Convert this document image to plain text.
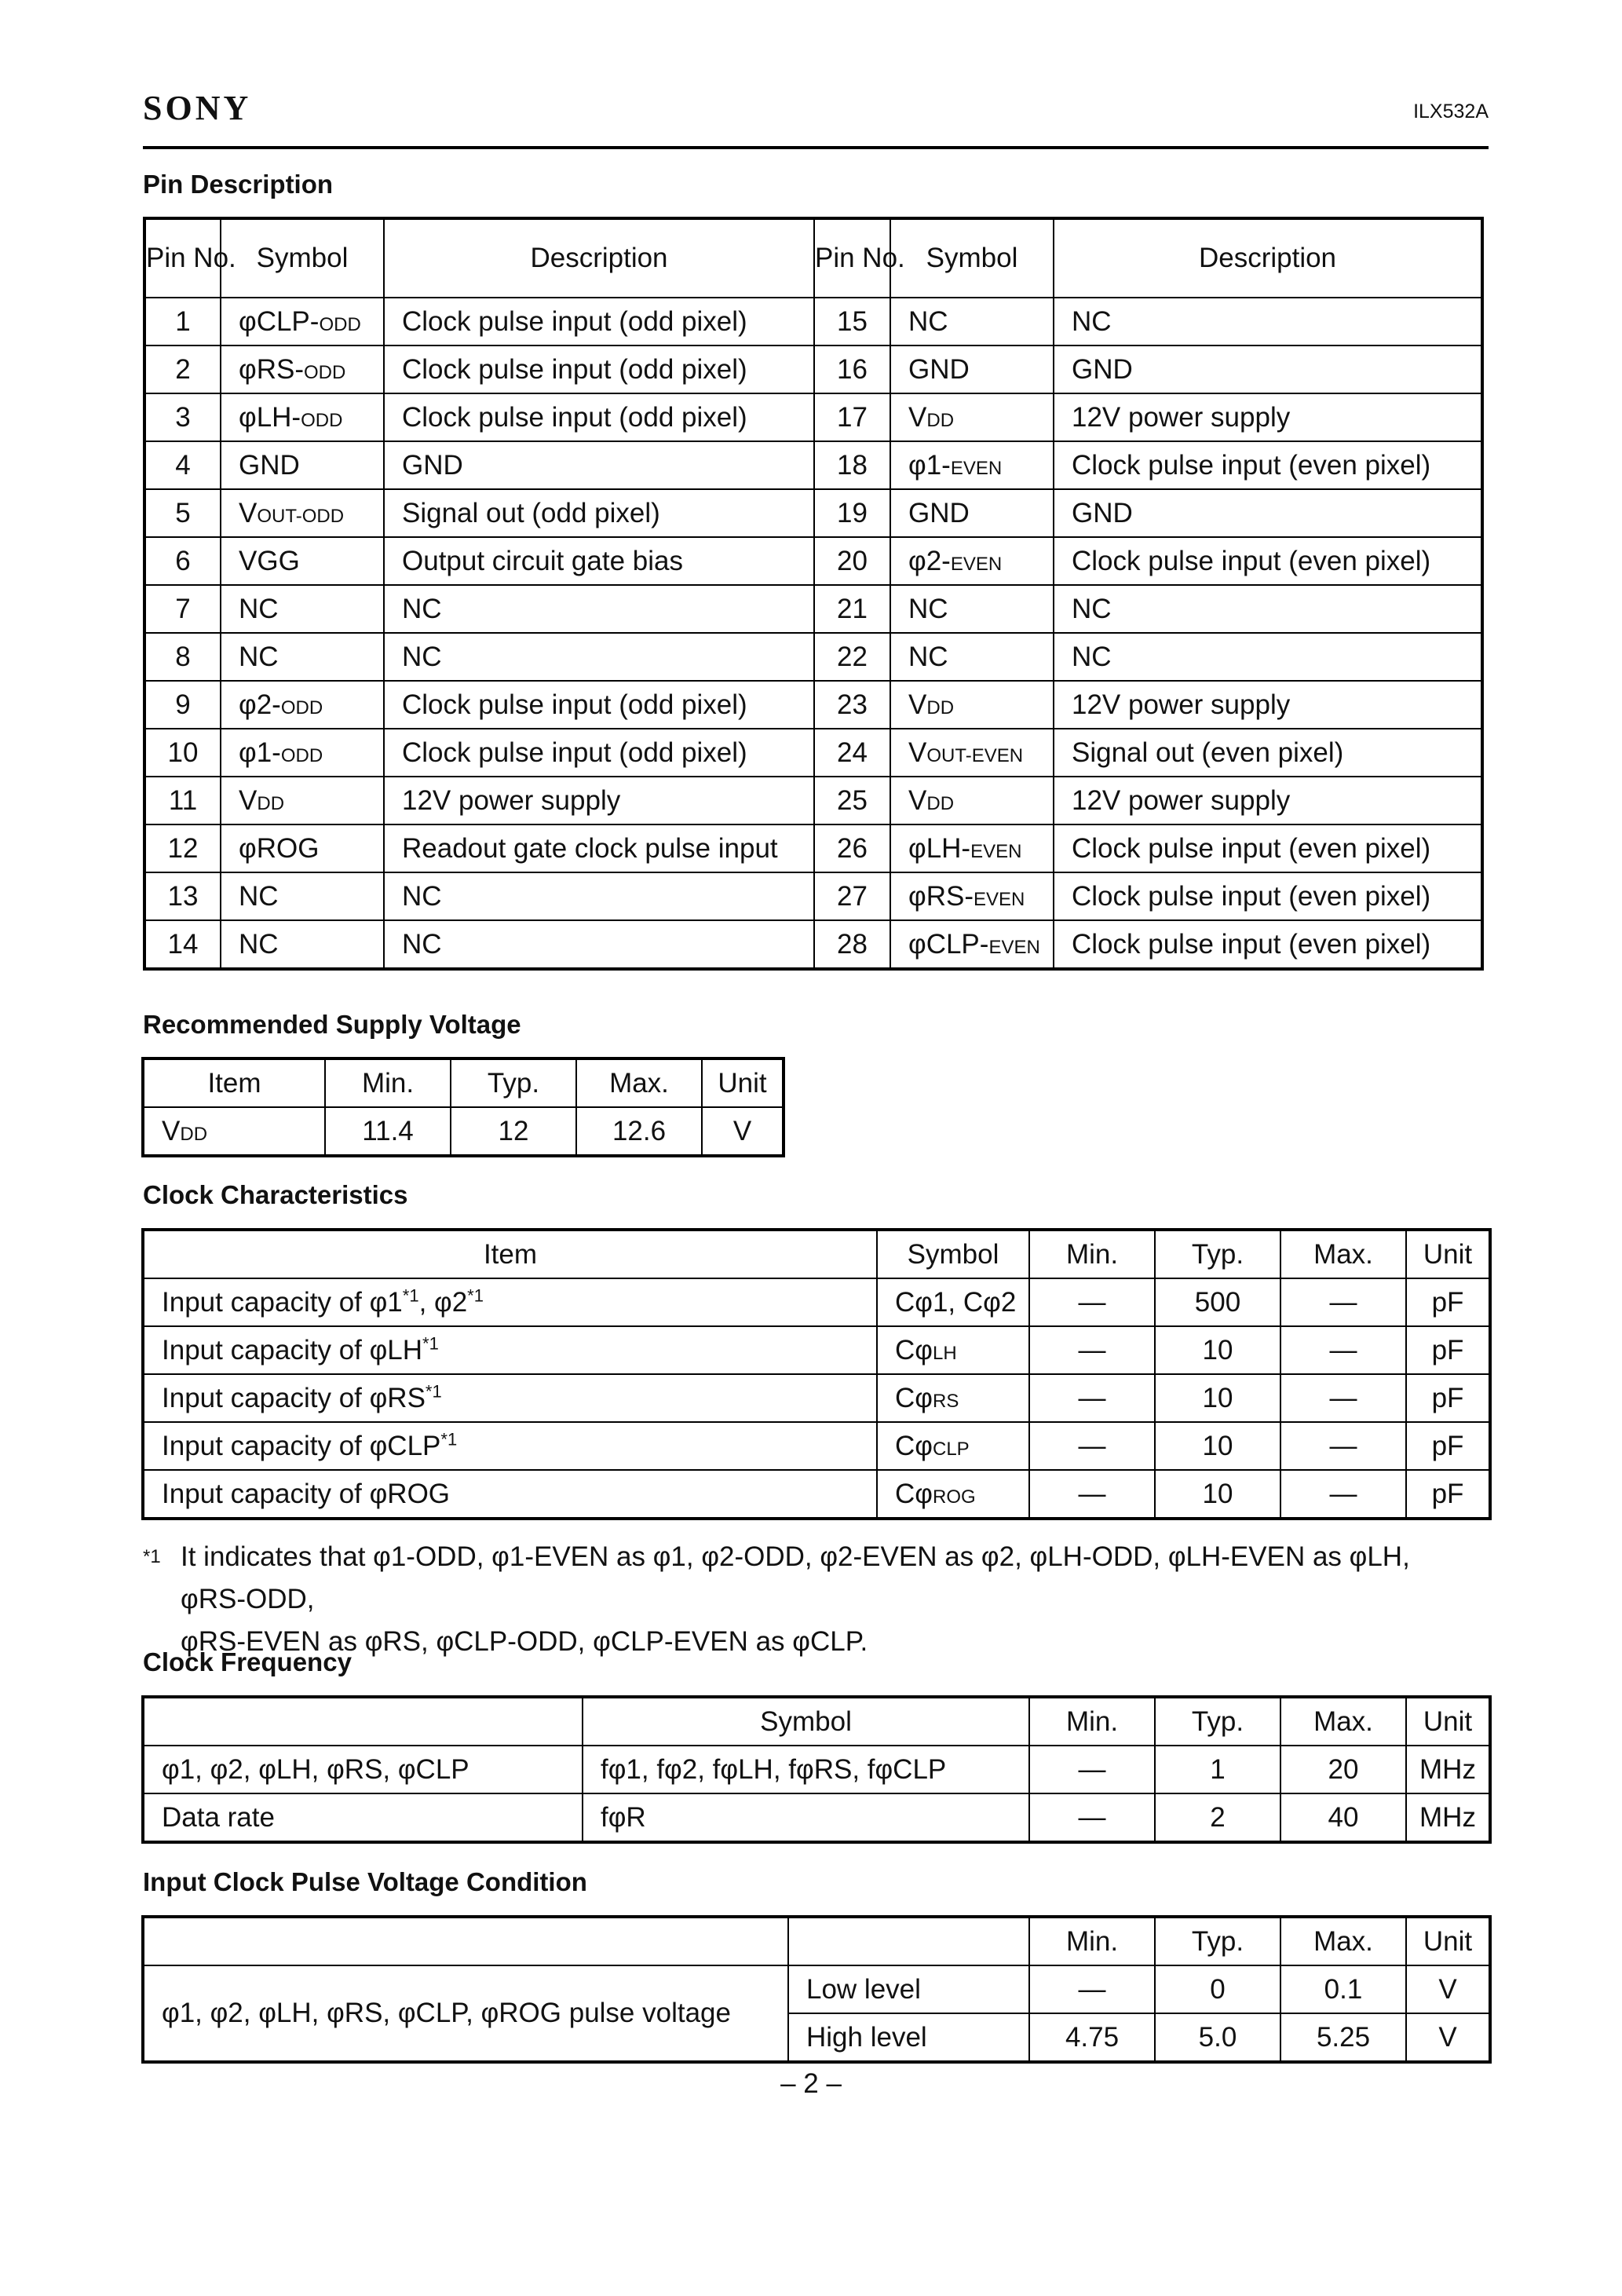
SONY	ILX532A
Pin Description
Pin No.	Symbol	Description	Pin No.	Symbol	Description
1	φCLP-ODD	Clock pulse input (odd pixel)	15	NC	NC
2	φRS-ODD	Clock pulse input (odd pixel)	16	GND	GND
3	φLH-ODD	Clock pulse input (odd pixel)	17	VDD	12V power supply
4	GND	GND	18	φ1-EVEN	Clock pulse input (even pixel)
5	VOUT-ODD	Signal out (odd pixel)	19	GND	GND
6	VGG	Output circuit gate bias	20	φ2-EVEN	Clock pulse input (even pixel)
7	NC	NC	21	NC	NC
8	NC	NC	22	NC	NC
9	φ2-ODD	Clock pulse input (odd pixel)	23	VDD	12V power supply
10	φ1-ODD	Clock pulse input (odd pixel)	24	VOUT-EVEN	Signal out (even pixel)
11	VDD	12V power supply	25	VDD	12V power supply
12	φROG	Readout gate clock pulse input	26	φLH-EVEN	Clock pulse input (even pixel)
13	NC	NC	27	φRS-EVEN	Clock pulse input (even pixel)
14	NC	NC	28	φCLP-EVEN	Clock pulse input (even pixel)
Recommended Supply Voltage
Item	Min.	Typ.	Max.	Unit
VDD	11.4	12	12.6	V
Clock Characteristics
Item	Symbol	Min.	Typ.	Max.	Unit
Input capacity of φ1$^{*1}$, φ2$^{*1}$	Cφ1, Cφ2	—	500	—	pF
Input capacity of φLH$^{*1}$	CφLH	—	10	—	pF
Input capacity of φRS$^{*1}$	CφRS	—	10	—	pF
Input capacity of φCLP$^{*1}$	CφCLP	—	10	—	pF
Input capacity of φROG	CφROG	—	10	—	pF
*1 It indicates that φ1-ODD, φ1-EVEN as φ1, φ2-ODD, φ2-EVEN as φ2, φLH-ODD, φLH-EVEN as φLH, φRS-ODD,
φRS-EVEN as φRS, φCLP-ODD, φCLP-EVEN as φCLP.
Clock Frequency
	Symbol	Min.	Typ.	Max.	Unit
φ1, φ2, φLH, φRS, φCLP	fφ1, fφ2, fφLH, fφRS, fφCLP	—	1	20	MHz
Data rate	fφR	—	2	40	MHz
Input Clock Pulse Voltage Condition
		Min.	Typ.	Max.	Unit
φ1, φ2, φLH, φRS, φCLP, φROG pulse voltage	Low level	—	0	0.1	V
	High level	4.75	5.0	5.25	V
– 2 –
